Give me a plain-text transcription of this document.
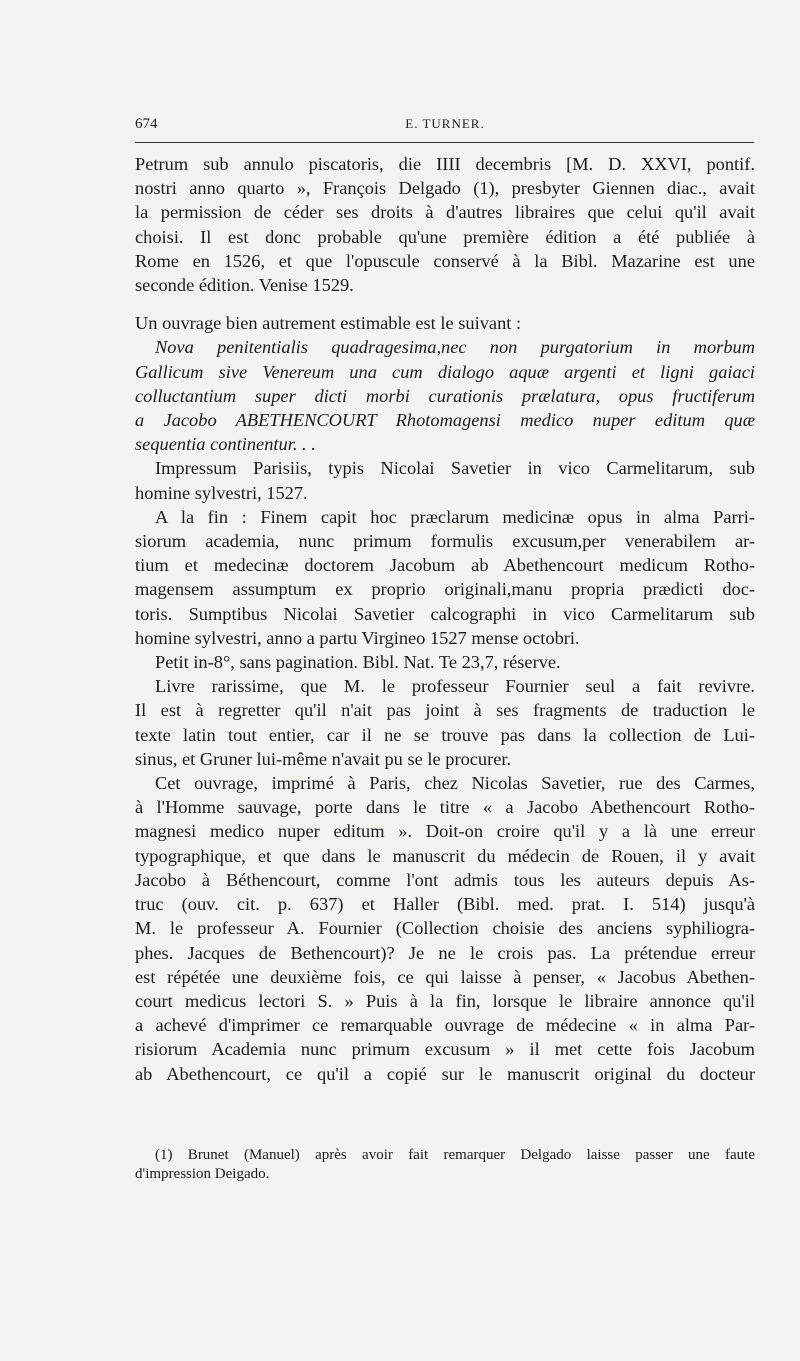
674	E. TURNER.
Petrum sub annulo piscatoris, die IIII decembris [M. D. XXVI, pontif.
nostri anno quarto », François Delgado (1), presbyter Giennen diac., avait
la permission de céder ses droits à d'autres libraires que celui qu'il avait
choisi. Il est donc probable qu'une première édition a été publiée à
Rome en 1526, et que l'opuscule conservé à la Bibl. Mazarine est une
seconde édition. Venise 1529.
Un ouvrage bien autrement estimable est le suivant :
Nova penitentialis quadragesima,nec non purgatorium in morbum
Gallicum sive Venereum una cum dialogo aquæ argenti et ligni gaiaci
colluctantium super dicti morbi curationis prælatura, opus fructiferum
a Jacobo ABETHENCOURT Rhotomagensi medico nuper editum quæ
sequentia continentur. . .
Impressum Parisiis, typis Nicolai Savetier in vico Carmelitarum, sub
homine sylvestri, 1527.
A la fin : Finem capit hoc præclarum medicinæ opus in alma Parri-
siorum academia, nunc primum formulis excusum,per venerabilem ar-
tium et medecinæ doctorem Jacobum ab Abethencourt medicum Rotho-
magensem assumptum ex proprio originali,manu propria prædicti doc-
toris. Sumptibus Nicolai Savetier calcographi in vico Carmelitarum sub
homine sylvestri, anno a partu Virgineo 1527 mense octobri.
Petit in-8°, sans pagination. Bibl. Nat. Te 23,7, réserve.
Livre rarissime, que M. le professeur Fournier seul a fait revivre.
Il est à regretter qu'il n'ait pas joint à ses fragments de traduction le
texte latin tout entier, car il ne se trouve pas dans la collection de Lui-
sinus, et Gruner lui-même n'avait pu se le procurer.
Cet ouvrage, imprimé à Paris, chez Nicolas Savetier, rue des Carmes,
à l'Homme sauvage, porte dans le titre « a Jacobo Abethencourt Rotho-
magnesi medico nuper editum ». Doit-on croire qu'il y a là une erreur
typographique, et que dans le manuscrit du médecin de Rouen, il y avait
Jacobo à Béthencourt, comme l'ont admis tous les auteurs depuis As-
truc (ouv. cit. p. 637) et Haller (Bibl. med. prat. I. 514) jusqu'à
M. le professeur A. Fournier (Collection choisie des anciens syphiliogra-
phes. Jacques de Bethencourt)? Je ne le crois pas. La prétendue erreur
est répétée une deuxième fois, ce qui laisse à penser, « Jacobus Abethen-
court medicus lectori S. » Puis à la fin, lorsque le libraire annonce qu'il
a achevé d'imprimer ce remarquable ouvrage de médecine « in alma Par-
risiorum Academia nunc primum excusum » il met cette fois Jacobum
ab Abethencourt, ce qu'il a copié sur le manuscrit original du docteur
(1) Brunet (Manuel) après avoir fait remarquer Delgado laisse passer une faute
d'impression Deigado.
